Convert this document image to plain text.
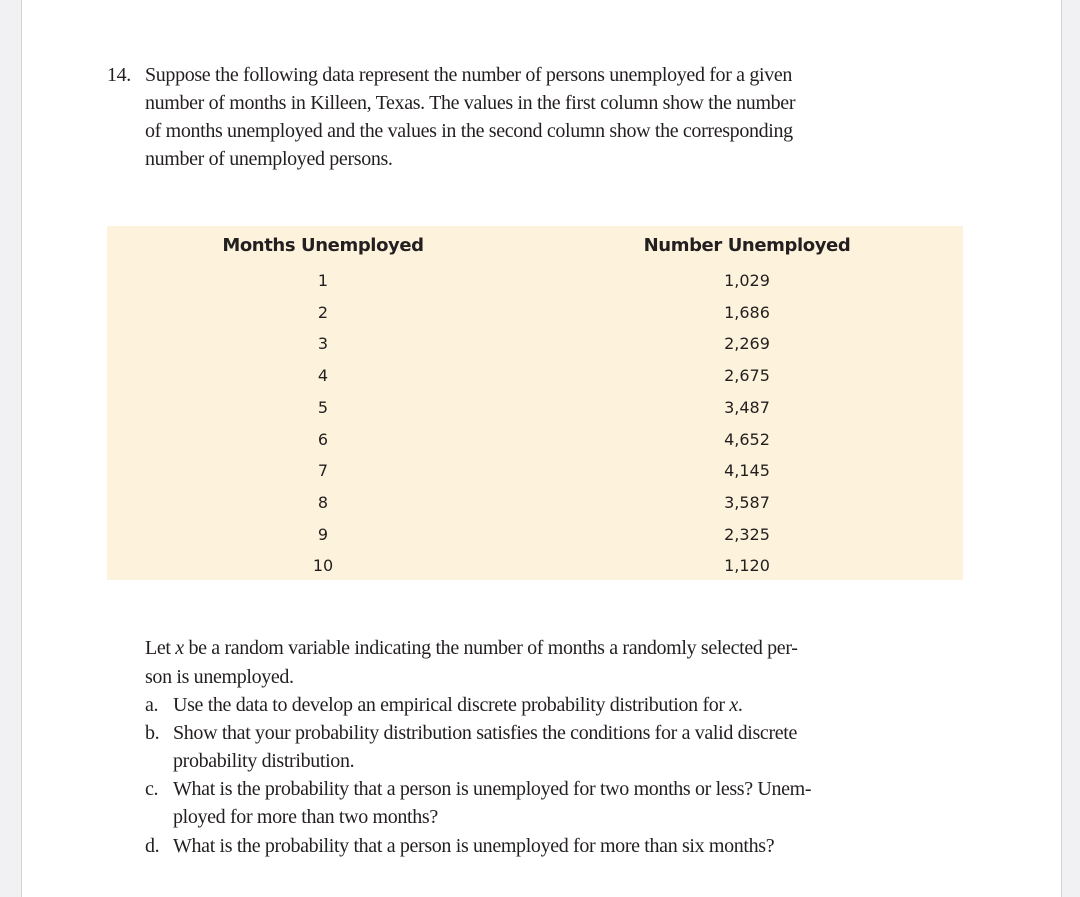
14. Suppose the following data represent the number of persons unemployed for a given
number of months in Killeen, Texas. The values in the first column show the number
of months unemployed and the values in the second column show the corresponding
number of unemployed persons.
Months Unemployed	Number Unemployed
1	1,029
2	1,686
3	2,269
4	2,675
5	3,487
6	4,652
7	4,145
8	3,587
9	2,325
10	1,120
Let x be a random variable indicating the number of months a randomly selected per-
son is unemployed.
a. Use the data to develop an empirical discrete probability distribution for x.
b. Show that your probability distribution satisfies the conditions for a valid discrete
probability distribution.
c. What is the probability that a person is unemployed for two months or less? Unem-
ployed for more than two months?
d. What is the probability that a person is unemployed for more than six months?
